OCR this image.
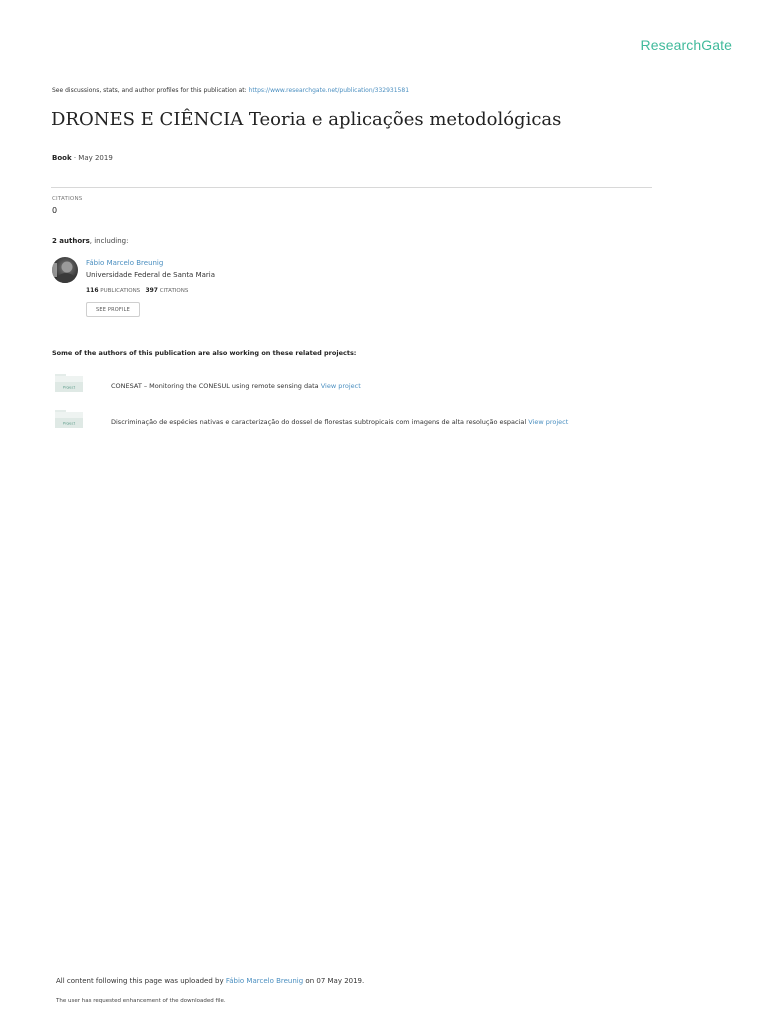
ResearchGate
See discussions, stats, and author profiles for this publication at: https://www.researchgate.net/publication/332931581
DRONES E CIÊNCIA Teoria e aplicações metodológicas
Book · May 2019
CITATIONS
0
2 authors, including:
Fábio Marcelo Breunig
Universidade Federal de Santa Maria
116 PUBLICATIONS 397 CITATIONS
SEE PROFILE
Some of the authors of this publication are also working on these related projects:
Project	CONESAT – Monitoring the CONESUL using remote sensing data View project
Project	Discriminação de espécies nativas e caracterização do dossel de florestas subtropicais com imagens de alta resolução espacial View project
All content following this page was uploaded by Fábio Marcelo Breunig on 07 May 2019.
The user has requested enhancement of the downloaded file.
